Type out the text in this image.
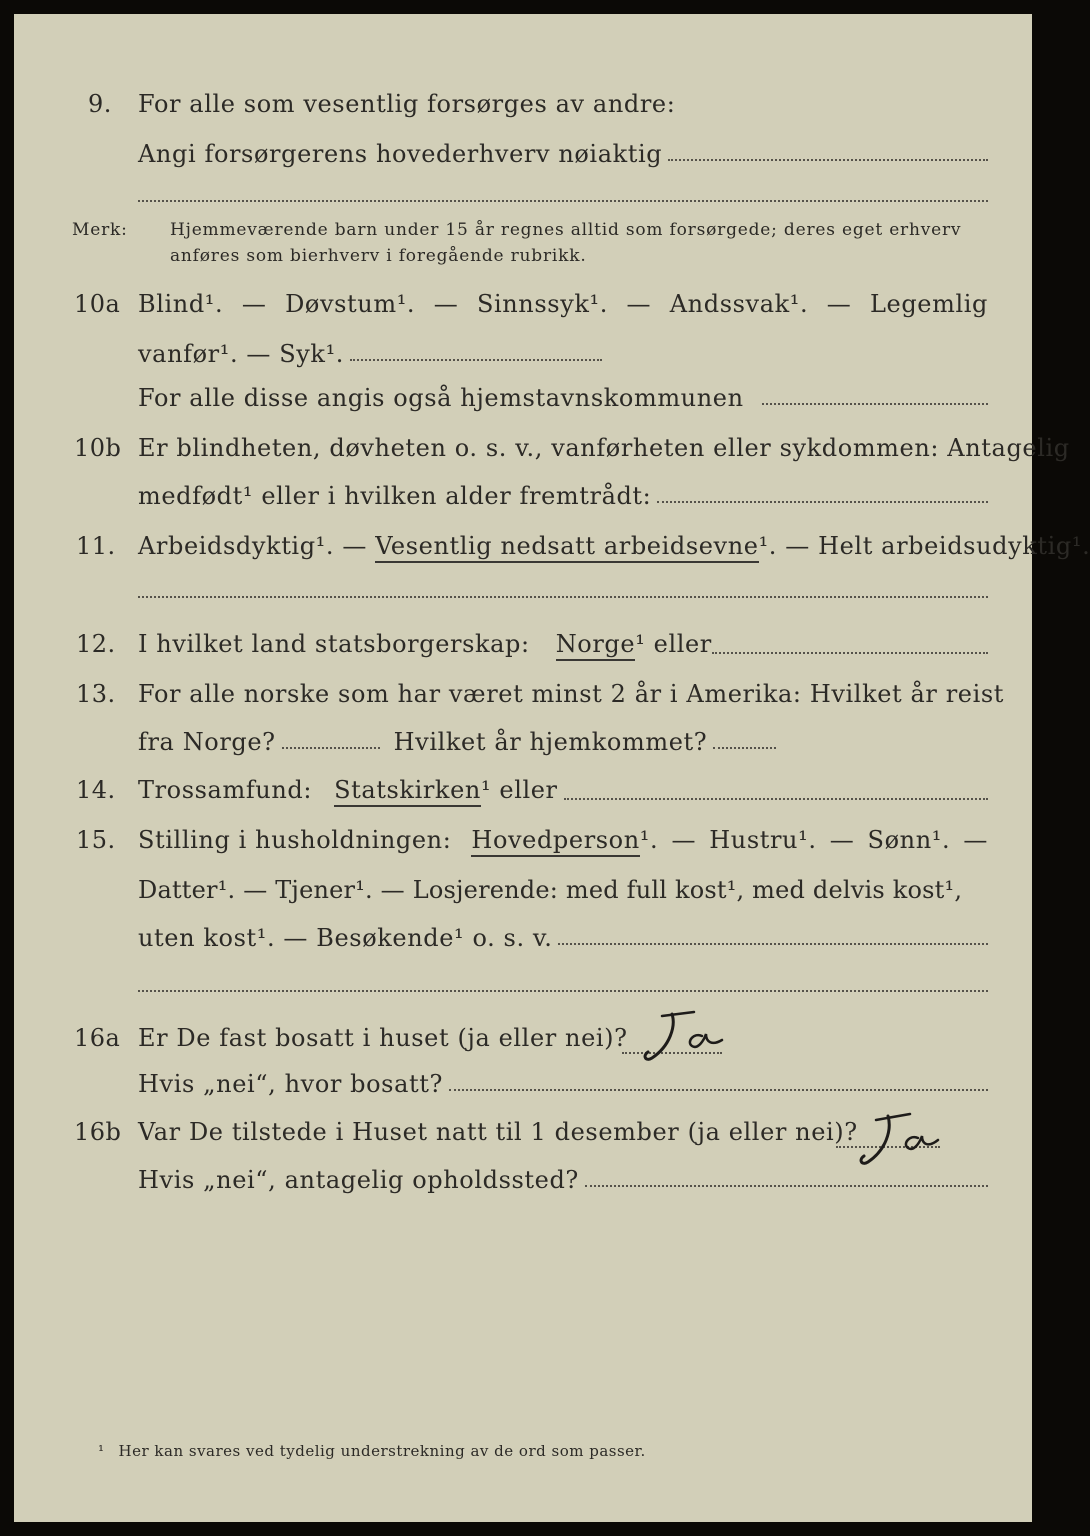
9.	For alle som vesentlig forsørges av andre:
Angi forsørgerens hovederhverv nøiaktig
Merk: Hjemmeværende barn under 15 år regnes alltid som forsørgede; deres eget erhverv
anføres som bierhverv i foregående rubrikk.
10a Blind¹. — Døvstum¹. — Sinnssyk¹. — Andssvak¹. — Legemlig
vanfør¹. — Syk¹.
For alle disse angis også hjemstavnskommunen
10b Er blindheten, døvheten o. s. v., vanførheten eller sykdommen: Antagelig
medfødt¹ eller i hvilken alder fremtrådt:
11. Arbeidsdyktig¹. — Vesentlig nedsatt arbeidsevne ¹. — Helt arbeidsudyktig¹.
12. I hvilket land statsborgerskap: Norge ¹ eller
13. For alle norske som har været minst 2 år i Amerika: Hvilket år reist
fra Norge?	Hvilket år hjemkommet?
14. Trossamfund: Statskirken ¹ eller
15. Stilling i husholdningen: Hovedperson ¹. — Hustru¹. — Sønn¹. —
Datter¹. — Tjener¹. — Losjerende: med full kost¹, med delvis kost¹,
uten kost¹. — Besøkende¹ o. s. v.
16a Er De fast bosatt i huset (ja eller nei)?
Hvis „nei“, hvor bosatt?
16b Var De tilstede i Huset natt til 1 desember (ja eller nei)?
Hvis „nei“, antagelig opholdssted?
¹ Her kan svares ved tydelig understrekning av de ord som passer.
